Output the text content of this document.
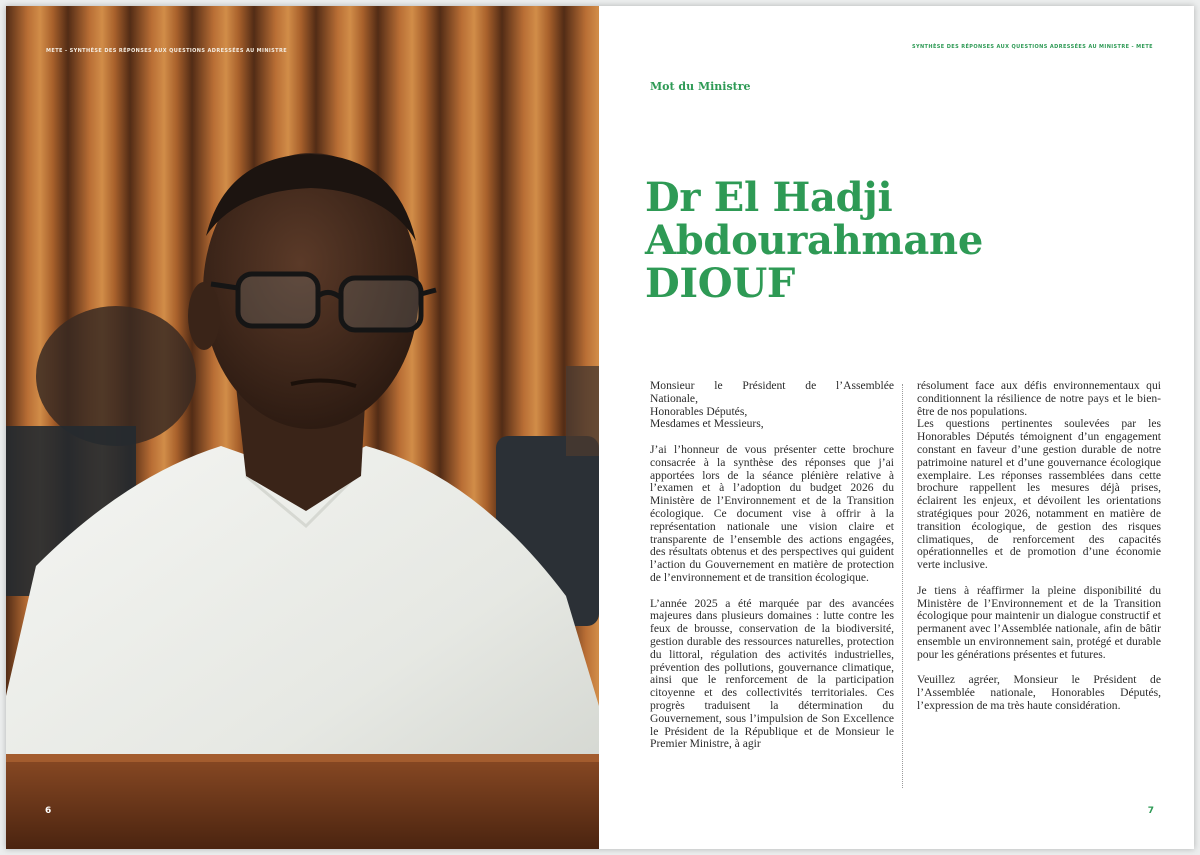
METE - SYNTHÈSE DES RÉPONSES AUX QUESTIONS ADRESSÉES AU MINISTRE
6
SYNTHÈSE DES RÉPONSES AUX QUESTIONS ADRESSÉES AU MINISTRE - METE
Mot du Ministre
Dr El Hadji
Abdourahmane
DIOUF

Monsieur le Président de l’Assemblée
Nationale,
Honorables Députés,
Mesdames et Messieurs,

J’ai l’honneur de vous présenter cette brochure consacrée à la synthèse des réponses que j’ai apportées lors de la séance plénière relative à l’examen et à l’adoption du budget 2026 du Ministère de l’Environnement et de la Transition écologique. Ce document vise à offrir à la représentation nationale une vision claire et transparente de l’ensemble des actions engagées, des résultats obtenus et des perspectives qui guident l’action du Gouvernement en matière de protection de l’environnement et de transition écologique.

L’année 2025 a été marquée par des avancées majeures dans plusieurs domaines : lutte contre les feux de brousse, conservation de la biodiversité, gestion durable des ressources naturelles, protection du littoral, régulation des activités industrielles, prévention des pollutions, gouvernance climatique, ainsi que le renforcement de la participation citoyenne et des collectivités territoriales. Ces progrès traduisent la détermination du Gouvernement, sous l’impulsion de Son Excellence le Président de la République et de Monsieur le Premier Ministre, à agir

résolument face aux défis environnementaux qui conditionnent la résilience de notre pays et le bien-être de nos populations.

Les questions pertinentes soulevées par les Honorables Députés témoignent d’un engagement constant en faveur d’une gestion durable de notre patrimoine naturel et d’une gouvernance écologique exemplaire. Les réponses rassemblées dans cette brochure rappellent les mesures déjà prises, éclairent les enjeux, et dévoilent les orientations stratégiques pour 2026, notamment en matière de transition écologique, de gestion des risques climatiques, de renforcement des capacités opérationnelles et de promotion d’une économie verte inclusive.

Je tiens à réaffirmer la pleine disponibilité du Ministère de l’Environnement et de la Transition écologique pour maintenir un dialogue constructif et permanent avec l’Assemblée nationale, afin de bâtir ensemble un environnement sain, protégé et durable pour les générations présentes et futures.

Veuillez agréer, Monsieur le Président de l’Assemblée nationale, Honorables Députés, l’expression de ma très haute considération.

7
